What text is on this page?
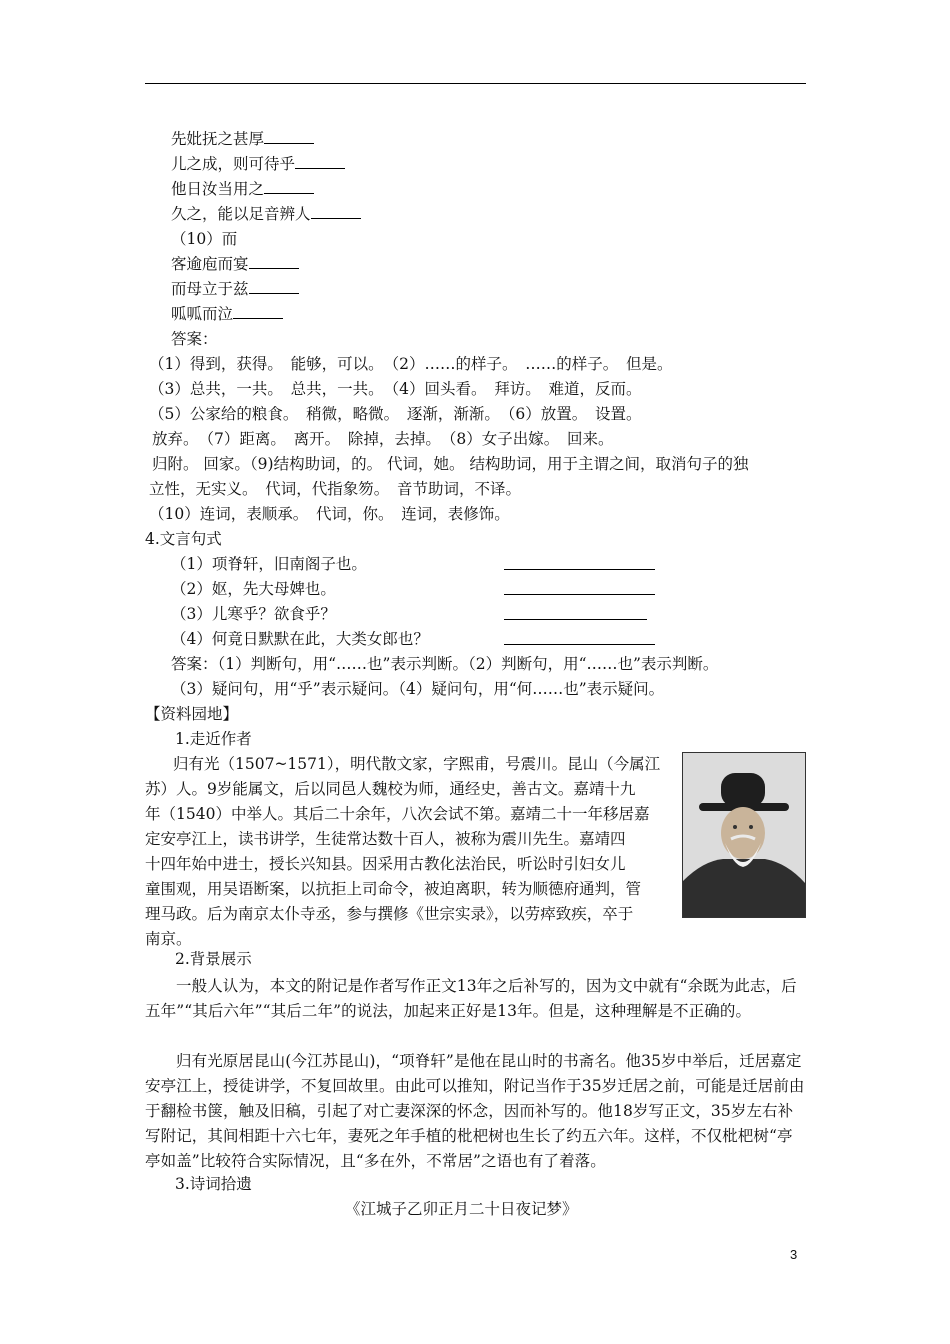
先妣抚之甚厚
儿之成，则可待乎
他日汝当用之
久之，能以足音辨人
（10）而
客逾庖而宴
而母立于兹
呱呱而泣
答案：
（1）得到，获得。　能够，可以。　（2）……的样子。　……的样子。　但是。
（3）总共，一共。　总共，一共。　（4）回头看。　拜访。　难道，反而。
（5）公家给的粮食。　稍微，略微。　逐渐，渐渐。　（6）放置。　设置。
放弃。　（7）距离。　离开。　除掉，去掉。　（8）女子出嫁。　回来。
归附。 回家。（9)结构助词，的。 代词，她。 结构助词，用于主谓之间，取消句子的独
立性，无实义。　代词，代指象笏。　音节助词，不译。
（10）连词，表顺承。　代词，你。　连词，表修饰。
4.文言句式
（1）项脊轩，旧南阁子也。
（2）妪，先大母婢也。
（3）儿寒乎？欲食乎？
（4）何竟日默默在此，大类女郎也？
答案：（1）判断句，用“……也”表示判断。（2）判断句，用“……也”表示判断。
（3）疑问句，用“乎”表示疑问。（4）疑问句，用“何……也”表示疑问。
【资料园地】
1.走近作者
归有光（1507~1571），明代散文家，字熙甫，号震川。昆山（今属江
苏）人。9岁能属文，后以同邑人魏校为师，通经史，善古文。嘉靖十九
年（1540）中举人。其后二十余年，八次会试不第。嘉靖二十一年移居嘉
定安亭江上，读书讲学，生徒常达数十百人，被称为震川先生。嘉靖四
十四年始中进士，授长兴知县。因采用古教化法治民，听讼时引妇女儿
童围观，用吴语断案，以抗拒上司命令，被迫离职，转为顺德府通判，管
理马政。后为南京太仆寺丞，参与撰修《世宗实录》，以劳瘁致疾，卒于
南京。
2.背景展示
一般人认为，本文的附记是作者写作正文13年之后补写的，因为文中就有“余既为此志，后五年”“其后六年”“其后二年”的说法，加起来正好是13年。但是，这种理解是不正确的。
归有光原居昆山(今江苏昆山)，“项脊轩”是他在昆山时的书斋名。他35岁中举后，迁居嘉定安亭江上，授徒讲学，不复回故里。由此可以推知，附记当作于35岁迁居之前，可能是迁居前由于翻检书箧，触及旧稿，引起了对亡妻深深的怀念，因而补写的。他18岁写正文，35岁左右补写附记，其间相距十六七年，妻死之年手植的枇杷树也生长了约五六年。这样，不仅枇杷树“亭亭如盖”比较符合实际情况，且“多在外，不常居”之语也有了着落。
3.诗词拾遗
《江城子乙卯正月二十日夜记梦》
3
